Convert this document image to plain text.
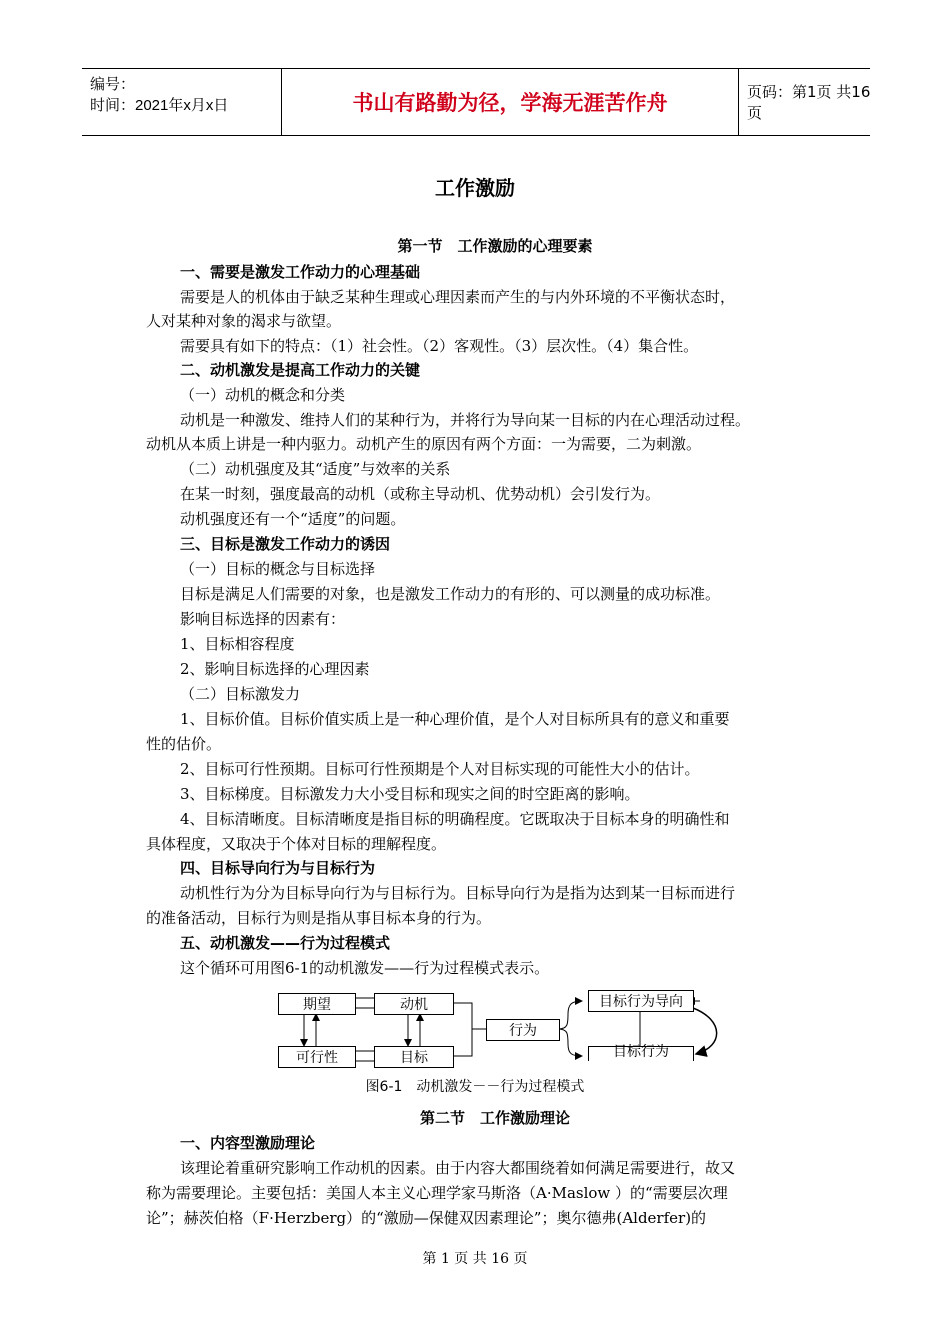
编号：
时间：2021年x月x日	书山有路勤为径，学海无涯苦作舟	页码：第1页 共16页
工作激励
第一节　工作激励的心理要素
一、需要是激发工作动力的心理基础
需要是人的机体由于缺乏某种生理或心理因素而产生的与内外环境的不平衡状态时，
人对某种对象的渴求与欲望。
需要具有如下的特点：（1）社会性。（2）客观性。（3）层次性。（4）集合性。
二、动机激发是提高工作动力的关键
（一）动机的概念和分类
动机是一种激发、维持人们的某种行为，并将行为导向某一目标的内在心理活动过程。
动机从本质上讲是一种内驱力。动机产生的原因有两个方面：一为需要，二为刺激。
（二）动机强度及其“适度”与效率的关系
在某一时刻，强度最高的动机（或称主导动机、优势动机）会引发行为。
动机强度还有一个“适度”的问题。
三、目标是激发工作动力的诱因
（一）目标的概念与目标选择
目标是满足人们需要的对象，也是激发工作动力的有形的、可以测量的成功标准。
影响目标选择的因素有：
1、目标相容程度
2、影响目标选择的心理因素
（二）目标激发力
1、目标价值。目标价值实质上是一种心理价值，是个人对目标所具有的意义和重要
性的估价。
2、目标可行性预期。目标可行性预期是个人对目标实现的可能性大小的估计。
3、目标梯度。目标激发力大小受目标和现实之间的时空距离的影响。
4、目标清晰度。目标清晰度是指目标的明确程度。它既取决于目标本身的明确性和
具体程度，又取决于个体对目标的理解程度。
四、目标导向行为与目标行为
动机性行为分为目标导向行为与目标行为。目标导向行为是指为达到某一目标而进行
的准备活动，目标行为则是指从事目标本身的行为。
五、动机激发——行为过程模式
这个循环可用图6-1的动机激发——行为过程模式表示。
期望	动机
可行性	目标
行为
目标行为导向
目标行为
图6-1　动机激发－－行为过程模式
第二节　工作激励理论
一、内容型激励理论
该理论着重研究影响工作动机的因素。由于内容大都围绕着如何满足需要进行，故又
称为需要理论。主要包括：美国人本主义心理学家马斯洛（A·Maslow ）的“需要层次理
论”；赫茨伯格（F·Herzberg）的“激励—保健双因素理论”；奥尔德弗(Alderfer)的
第 1 页 共 16 页
